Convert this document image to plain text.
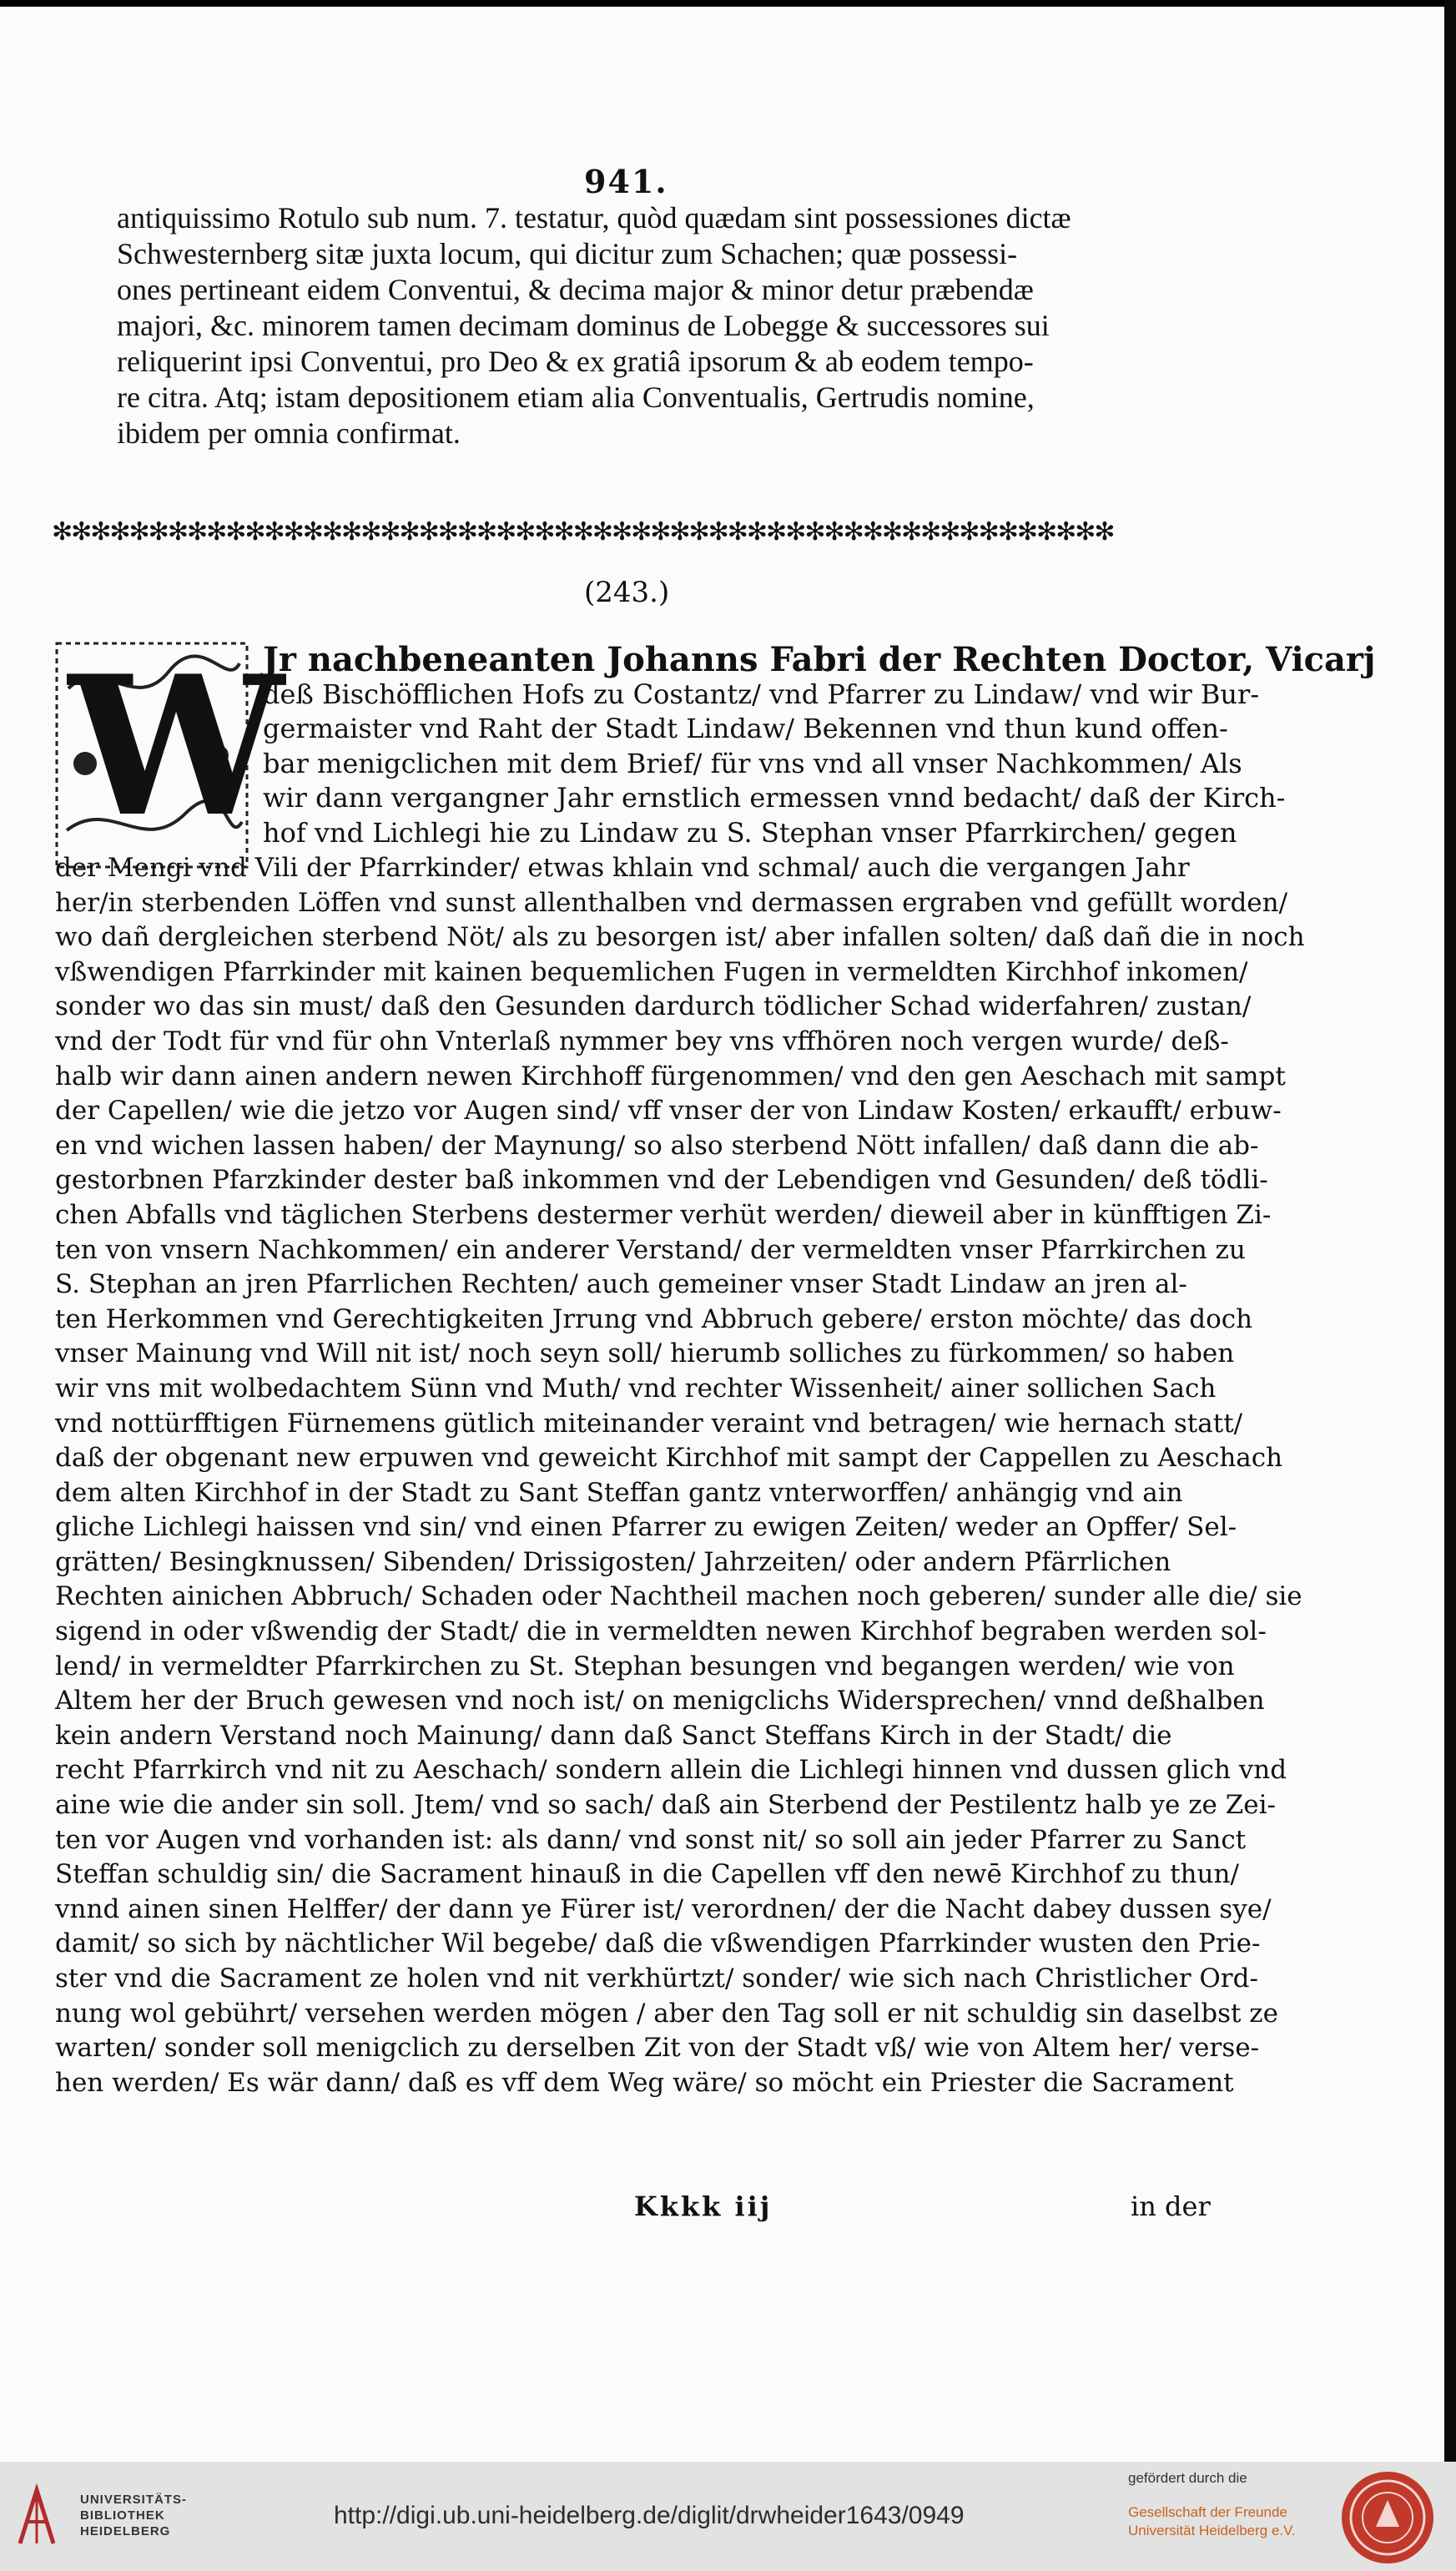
941.
antiquissimo Rotulo sub num. 7. testatur, quòd quædam sint possessiones dictæ
Schwesternberg sitæ juxta locum, qui dicitur zum Schachen; quæ possessi-
ones pertineant eidem Conventui, & decima major & minor detur præbendæ
majori, &c. minorem tamen decimam dominus de Lobegge & successores sui
reliquerint ipsi Conventui, pro Deo & ex gratiâ ipsorum & ab eodem tempo-
re citra. Atq; istam depositionem etiam alia Conventualis, Gertrudis nomine,
ibidem per omnia confirmat.
✻✻✻✻✻✻✻✻✻✻✻✻✻✻✻✻✻✻✻✻✻✻✻✻✻✻✻✻✻✻✻✻✻✻✻✻✻✻✻✻✻✻✻✻✻✻✻✻✻✻✻✻✻✻✻
(243.)
W
Jr nachbeneanten Johanns Fabri der Rechten Doctor, Vicarj
deß Bischöfflichen Hofs zu Costantz/ vnd Pfarrer zu Lindaw/ vnd wir Bur-
germaister vnd Raht der Stadt Lindaw/ Bekennen vnd thun kund offen-
bar menigclichen mit dem Brief/ für vns vnd all vnser Nachkommen/ Als
wir dann vergangner Jahr ernstlich ermessen vnnd bedacht/ daß der Kirch-
hof vnd Lichlegi hie zu Lindaw zu S. Stephan vnser Pfarrkirchen/ gegen
der Mengi vnd Vili der Pfarrkinder/ etwas khlain vnd schmal/ auch die vergangen Jahr
her/in sterbenden Löffen vnd sunst allenthalben vnd dermassen ergraben vnd gefüllt worden/
wo dañ dergleichen sterbend Nöt/ als zu besorgen ist/ aber infallen solten/ daß dañ die in noch
vßwendigen Pfarrkinder mit kainen bequemlichen Fugen in vermeldten Kirchhof inkomen/
sonder wo das sin must/ daß den Gesunden dardurch tödlicher Schad widerfahren/ zustan/
vnd der Todt für vnd für ohn Vnterlaß nymmer bey vns vffhören noch vergen wurde/ deß-
halb wir dann ainen andern newen Kirchhoff fürgenommen/ vnd den gen Aeschach mit sampt
der Capellen/ wie die jetzo vor Augen sind/ vff vnser der von Lindaw Kosten/ erkaufft/ erbuw-
en vnd wichen lassen haben/ der Maynung/ so also sterbend Nött infallen/ daß dann die ab-
gestorbnen Pfarzkinder dester baß inkommen vnd der Lebendigen vnd Gesunden/ deß tödli-
chen Abfalls vnd täglichen Sterbens destermer verhüt werden/ dieweil aber in künfftigen Zi-
ten von vnsern Nachkommen/ ein anderer Verstand/ der vermeldten vnser Pfarrkirchen zu
S. Stephan an jren Pfarrlichen Rechten/ auch gemeiner vnser Stadt Lindaw an jren al-
ten Herkommen vnd Gerechtigkeiten Jrrung vnd Abbruch gebere/ erston möchte/ das doch
vnser Mainung vnd Will nit ist/ noch seyn soll/ hierumb solliches zu fürkommen/ so haben
wir vns mit wolbedachtem Sünn vnd Muth/ vnd rechter Wissenheit/ ainer sollichen Sach
vnd nottürfftigen Fürnemens gütlich miteinander veraint vnd betragen/ wie hernach statt/
daß der obgenant new erpuwen vnd geweicht Kirchhof mit sampt der Cappellen zu Aeschach
dem alten Kirchhof in der Stadt zu Sant Steffan gantz vnterworffen/ anhängig vnd ain
gliche Lichlegi haissen vnd sin/ vnd einen Pfarrer zu ewigen Zeiten/ weder an Opffer/ Sel-
grätten/ Besingknussen/ Sibenden/ Drissigosten/ Jahrzeiten/ oder andern Pfärrlichen
Rechten ainichen Abbruch/ Schaden oder Nachtheil machen noch geberen/ sunder alle die/ sie
sigend in oder vßwendig der Stadt/ die in vermeldten newen Kirchhof begraben werden sol-
lend/ in vermeldter Pfarrkirchen zu St. Stephan besungen vnd begangen werden/ wie von
Altem her der Bruch gewesen vnd noch ist/ on menigclichs Widersprechen/ vnnd deßhalben
kein andern Verstand noch Mainung/ dann daß Sanct Steffans Kirch in der Stadt/ die
recht Pfarrkirch vnd nit zu Aeschach/ sondern allein die Lichlegi hinnen vnd dussen glich vnd
aine wie die ander sin soll. Jtem/ vnd so sach/ daß ain Sterbend der Pestilentz halb ye ze Zei-
ten vor Augen vnd vorhanden ist: als dann/ vnd sonst nit/ so soll ain jeder Pfarrer zu Sanct
Steffan schuldig sin/ die Sacrament hinauß in die Capellen vff den newē Kirchhof zu thun/
vnnd ainen sinen Helffer/ der dann ye Fürer ist/ verordnen/ der die Nacht dabey dussen sye/
damit/ so sich by nächtlicher Wil begebe/ daß die vßwendigen Pfarrkinder wusten den Prie-
ster vnd die Sacrament ze holen vnd nit verkhürtzt/ sonder/ wie sich nach Christlicher Ord-
nung wol gebührt/ versehen werden mögen / aber den Tag soll er nit schuldig sin daselbst ze
warten/ sonder soll menigclich zu derselben Zit von der Stadt vß/ wie von Altem her/ verse-
hen werden/ Es wär dann/ daß es vff dem Weg wäre/ so möcht ein Priester die Sacrament
Kkkk iij	in der
UNIVERSITÄTS-
BIBLIOTHEK
HEIDELBERG
http://digi.ub.uni-heidelberg.de/diglit/drwheider1643/0949
gefördert durch die
Gesellschaft der Freunde
Universität Heidelberg e.V.
